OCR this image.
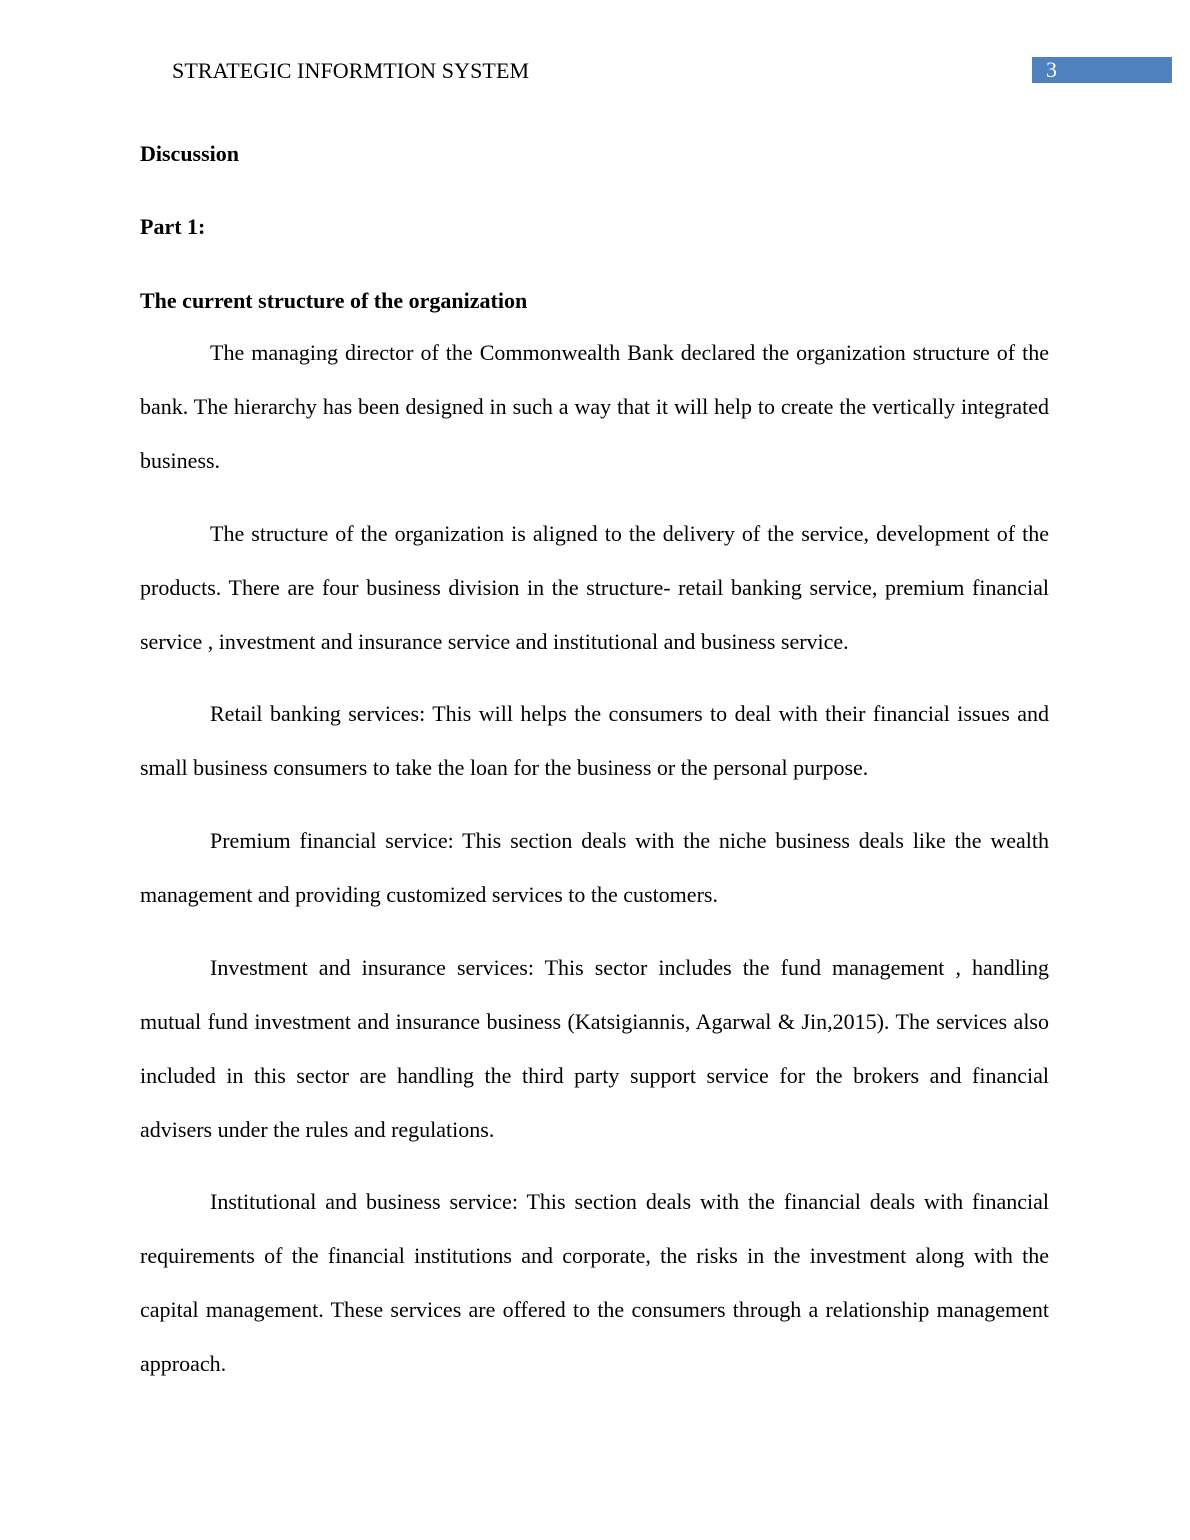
STRATEGIC INFORMTION SYSTEM	3
Discussion
Part 1:
The current structure of the organization

The managing director of the Commonwealth Bank declared the organization structure of the bank. The hierarchy has been designed in such a way that it will help to create the vertically integrated business.

The structure of the organization is aligned to the delivery of the service, development of the products. There are four business division in the structure- retail banking service, premium financial service , investment and insurance service and institutional and business service.

Retail banking services: This will helps the consumers to deal with their financial issues and small business consumers to take the loan for the business or the personal purpose.

Premium financial service: This section deals with the niche business deals like the wealth management and providing customized services to the customers.

Investment and insurance services: This sector includes the fund management , handling mutual fund investment and insurance business (Katsigiannis, Agarwal & Jin,2015). The services also included in this sector are handling the third party support service for the brokers and financial advisers under the rules and regulations.

Institutional and business service: This section deals with the financial deals with financial requirements of the financial institutions and corporate, the risks in the investment along with the capital management. These services are offered to the consumers through a relationship management approach.
